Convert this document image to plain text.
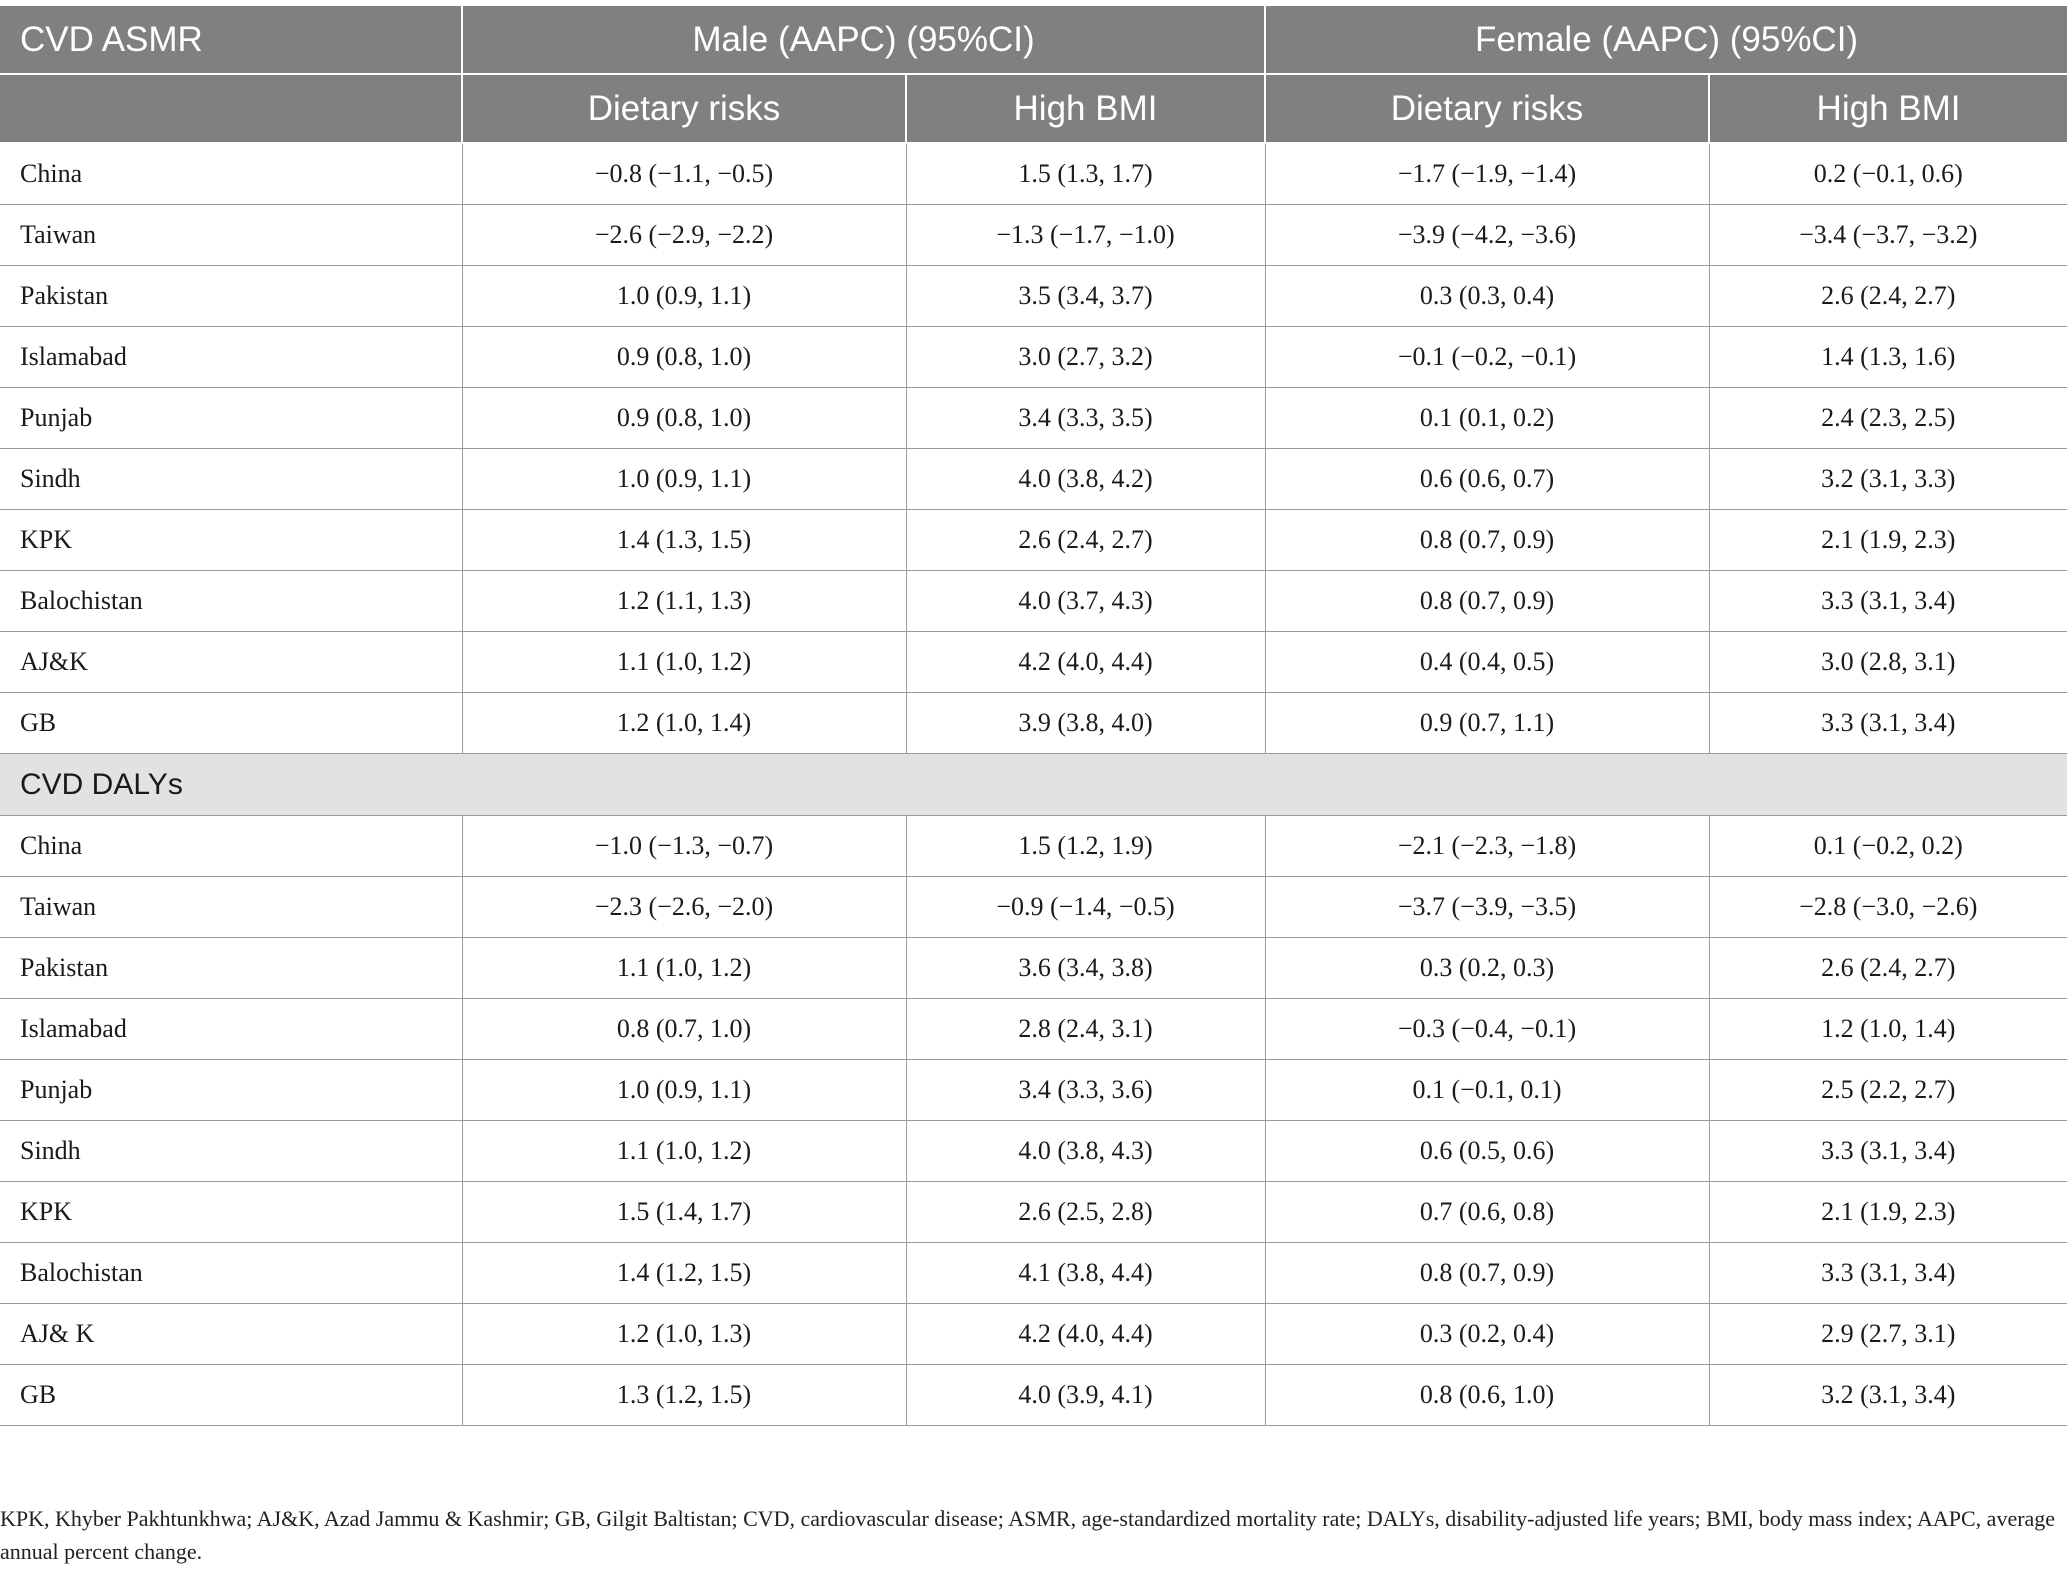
CVD ASMR	Male (AAPC) (95%CI)		Female (AAPC) (95%CI)	
	Dietary risks	High BMI	Dietary risks	High BMI
China	−0.8 (−1.1, −0.5)	1.5 (1.3, 1.7)	−1.7 (−1.9, −1.4)	0.2 (−0.1, 0.6)
Taiwan	−2.6 (−2.9, −2.2)	−1.3 (−1.7, −1.0)	−3.9 (−4.2, −3.6)	−3.4 (−3.7, −3.2)
Pakistan	1.0 (0.9, 1.1)	3.5 (3.4, 3.7)	0.3 (0.3, 0.4)	2.6 (2.4, 2.7)
Islamabad	0.9 (0.8, 1.0)	3.0 (2.7, 3.2)	−0.1 (−0.2, −0.1)	1.4 (1.3, 1.6)
Punjab	0.9 (0.8, 1.0)	3.4 (3.3, 3.5)	0.1 (0.1, 0.2)	2.4 (2.3, 2.5)
Sindh	1.0 (0.9, 1.1)	4.0 (3.8, 4.2)	0.6 (0.6, 0.7)	3.2 (3.1, 3.3)
KPK	1.4 (1.3, 1.5)	2.6 (2.4, 2.7)	0.8 (0.7, 0.9)	2.1 (1.9, 2.3)
Balochistan	1.2 (1.1, 1.3)	4.0 (3.7, 4.3)	0.8 (0.7, 0.9)	3.3 (3.1, 3.4)
AJ&K	1.1 (1.0, 1.2)	4.2 (4.0, 4.4)	0.4 (0.4, 0.5)	3.0 (2.8, 3.1)
GB	1.2 (1.0, 1.4)	3.9 (3.8, 4.0)	0.9 (0.7, 1.1)	3.3 (3.1, 3.4)
CVD DALYs				
China	−1.0 (−1.3, −0.7)	1.5 (1.2, 1.9)	−2.1 (−2.3, −1.8)	0.1 (−0.2, 0.2)
Taiwan	−2.3 (−2.6, −2.0)	−0.9 (−1.4, −0.5)	−3.7 (−3.9, −3.5)	−2.8 (−3.0, −2.6)
Pakistan	1.1 (1.0, 1.2)	3.6 (3.4, 3.8)	0.3 (0.2, 0.3)	2.6 (2.4, 2.7)
Islamabad	0.8 (0.7, 1.0)	2.8 (2.4, 3.1)	−0.3 (−0.4, −0.1)	1.2 (1.0, 1.4)
Punjab	1.0 (0.9, 1.1)	3.4 (3.3, 3.6)	0.1 (−0.1, 0.1)	2.5 (2.2, 2.7)
Sindh	1.1 (1.0, 1.2)	4.0 (3.8, 4.3)	0.6 (0.5, 0.6)	3.3 (3.1, 3.4)
KPK	1.5 (1.4, 1.7)	2.6 (2.5, 2.8)	0.7 (0.6, 0.8)	2.1 (1.9, 2.3)
Balochistan	1.4 (1.2, 1.5)	4.1 (3.8, 4.4)	0.8 (0.7, 0.9)	3.3 (3.1, 3.4)
AJ& K	1.2 (1.0, 1.3)	4.2 (4.0, 4.4)	0.3 (0.2, 0.4)	2.9 (2.7, 3.1)
GB	1.3 (1.2, 1.5)	4.0 (3.9, 4.1)	0.8 (0.6, 1.0)	3.2 (3.1, 3.4)
KPK, Khyber Pakhtunkhwa; AJ&K, Azad Jammu & Kashmir; GB, Gilgit Baltistan; CVD, cardiovascular disease; ASMR, age-standardized mortality rate; DALYs, disability-adjusted life years; BMI, body mass index; AAPC, average annual percent change.
